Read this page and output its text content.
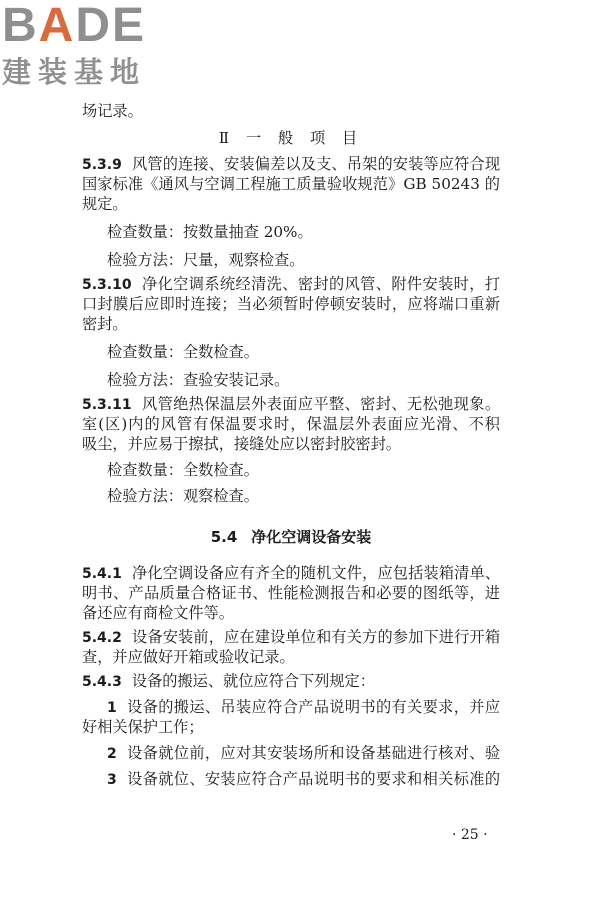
BADE
建装基地
场记录。
Ⅱ 一 般 项 目
5.3.9 风管的连接、安装偏差以及支、吊架的安装等应符合现
国家标准《通风与空调工程施工质量验收规范》GB 50243 的
规定。
检查数量：按数量抽查 20%。
检验方法：尺量，观察检查。
5.3.10 净化空调系统经清洗、密封的风管、附件安装时，打
口封膜后应即时连接；当必须暂时停顿安装时，应将端口重新
密封。
检查数量：全数检查。
检验方法：查验安装记录。
5.3.11 风管绝热保温层外表面应平整、密封、无松弛现象。
室(区)内的风管有保温要求时，保温层外表面应光滑、不积
吸尘，并应易于擦拭，接缝处应以密封胶密封。
检查数量：全数检查。
检验方法：观察检查。
5.4 净化空调设备安装
5.4.1 净化空调设备应有齐全的随机文件，应包括装箱清单、
明书、产品质量合格证书、性能检测报告和必要的图纸等，进
备还应有商检文件等。
5.4.2 设备安装前，应在建设单位和有关方的参加下进行开箱
查，并应做好开箱或验收记录。
5.4.3 设备的搬运、就位应符合下列规定：
1 设备的搬运、吊装应符合产品说明书的有关要求，并应
好相关保护工作；
2 设备就位前，应对其安装场所和设备基础进行核对、验
3 设备就位、安装应符合产品说明书的要求和相关标准的
· 25 ·
